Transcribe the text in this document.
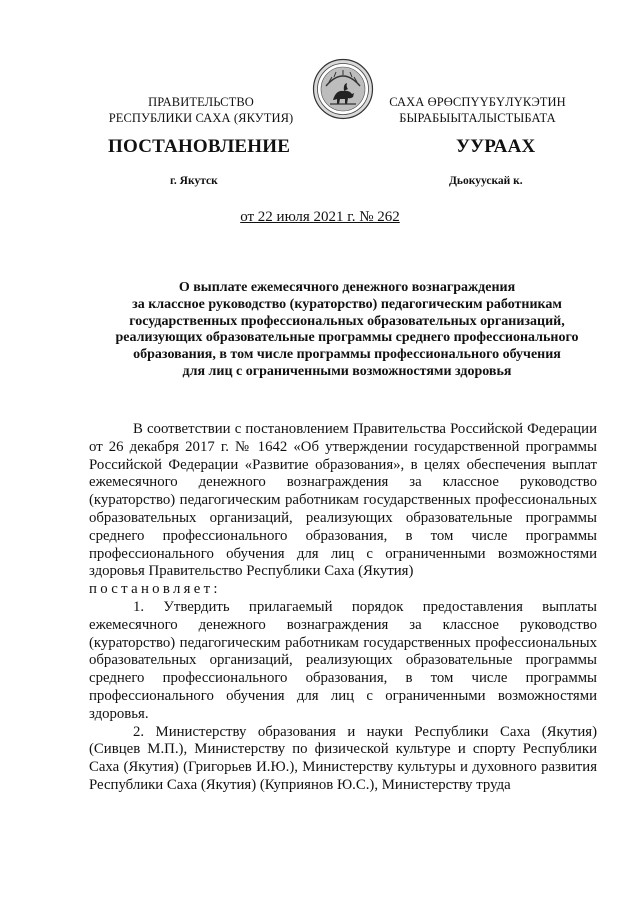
ПРАВИТЕЛЬСТВО
РЕСПУБЛИКИ САХА (ЯКУТИЯ)
САХА ӨРӨСПҮҮБҮЛҮКЭТИН
БЫРАБЫЫТАЛЫСТЫБАТА
ПОСТАНОВЛЕНИЕ	УУРААХ
г. Якутск	Дьокуускай к.
от 22 июля 2021 г. № 262
О выплате ежемесячного денежного вознаграждения
за классное руководство (кураторство) педагогическим работникам
государственных профессиональных образовательных организаций,
реализующих образовательные программы среднего профессионального
образования, в том числе программы профессионального обучения
для лиц с ограниченными возможностями здоровья

В соответствии с постановлением Правительства Российской Федерации от 26 декабря 2017 г. № 1642 «Об утверждении государственной программы Российской Федерации «Развитие образования», в целях обеспечения выплат ежемесячного денежного вознаграждения за классное руководство (кураторство) педагогическим работникам государственных профессиональных образовательных организаций, реализующих образовательные программы среднего профессионального образования, в том числе программы профессионального обучения для лиц с ограниченными возможностями здоровья Правительство Республики Саха (Якутия)

постановляет:

1. Утвердить прилагаемый порядок предоставления выплаты ежемесячного денежного вознаграждения за классное руководство (кураторство) педагогическим работникам государственных профессиональных образовательных организаций, реализующих образовательные программы среднего профессионального образования, в том числе программы профессионального обучения для лиц с ограниченными возможностями здоровья.

2. Министерству образования и науки Республики Саха (Якутия) (Сивцев М.П.), Министерству по физической культуре и спорту Республики Саха (Якутия) (Григорьев И.Ю.), Министерству культуры и духовного развития Республики Саха (Якутия) (Куприянов Ю.С.), Министерству труда
